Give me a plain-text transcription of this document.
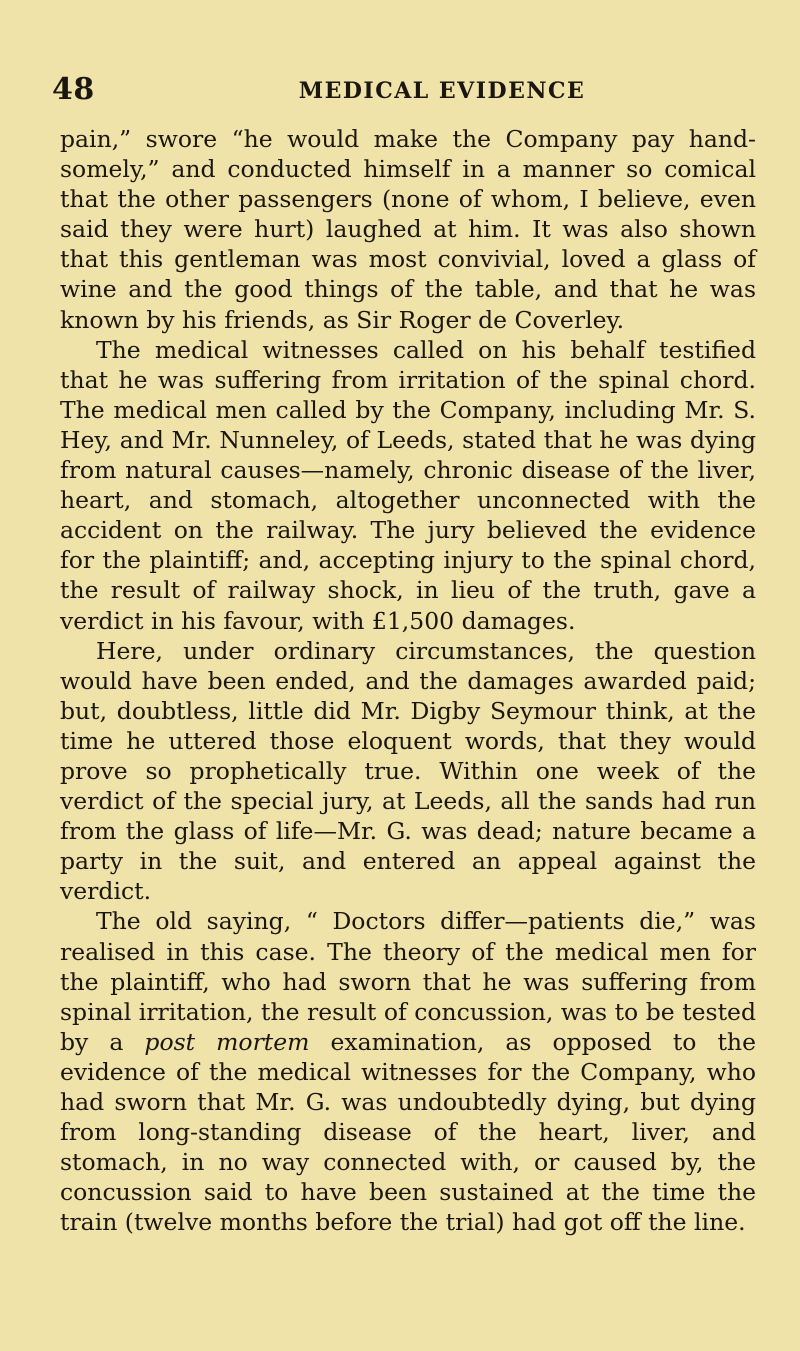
48	MEDICAL EVIDENCE

pain,” swore “he would make the Company pay handsomely,” and conducted himself in a manner so comical that the other passengers (none of whom, I believe, even said they were hurt) laughed at him. It was also shown that this gentleman was most convivial, loved a glass of wine and the good things of the table, and that he was known by his friends, as Sir Roger de Coverley.

The medical witnesses called on his behalf testified that he was suffering from irritation of the spinal chord. The medical men called by the Company, including Mr. S. Hey, and Mr. Nunneley, of Leeds, stated that he was dying from natural causes—namely, chronic disease of the liver, heart, and stomach, altogether unconnected with the accident on the railway. The jury believed the evidence for the plaintiff; and, accepting injury to the spinal chord, the result of railway shock, in lieu of the truth, gave a verdict in his favour, with £1,500 damages.

Here, under ordinary circumstances, the question would have been ended, and the damages awarded paid; but, doubtless, little did Mr. Digby Seymour think, at the time he uttered those eloquent words, that they would prove so prophetically true. Within one week of the verdict of the special jury, at Leeds, all the sands had run from the glass of life—Mr. G. was dead; nature became a party in the suit, and entered an appeal against the verdict.

The old saying, “ Doctors differ—patients die,” was realised in this case. The theory of the medical men for the plaintiff, who had sworn that he was suffering from spinal irritation, the result of concussion, was to be tested by a post mortem examination, as opposed to the evidence of the medical witnesses for the Company, who had sworn that Mr. G. was undoubtedly dying, but dying from long-standing disease of the heart, liver, and stomach, in no way connected with, or caused by, the concussion said to have been sustained at the time the train (twelve months before the trial) had got off the line.
